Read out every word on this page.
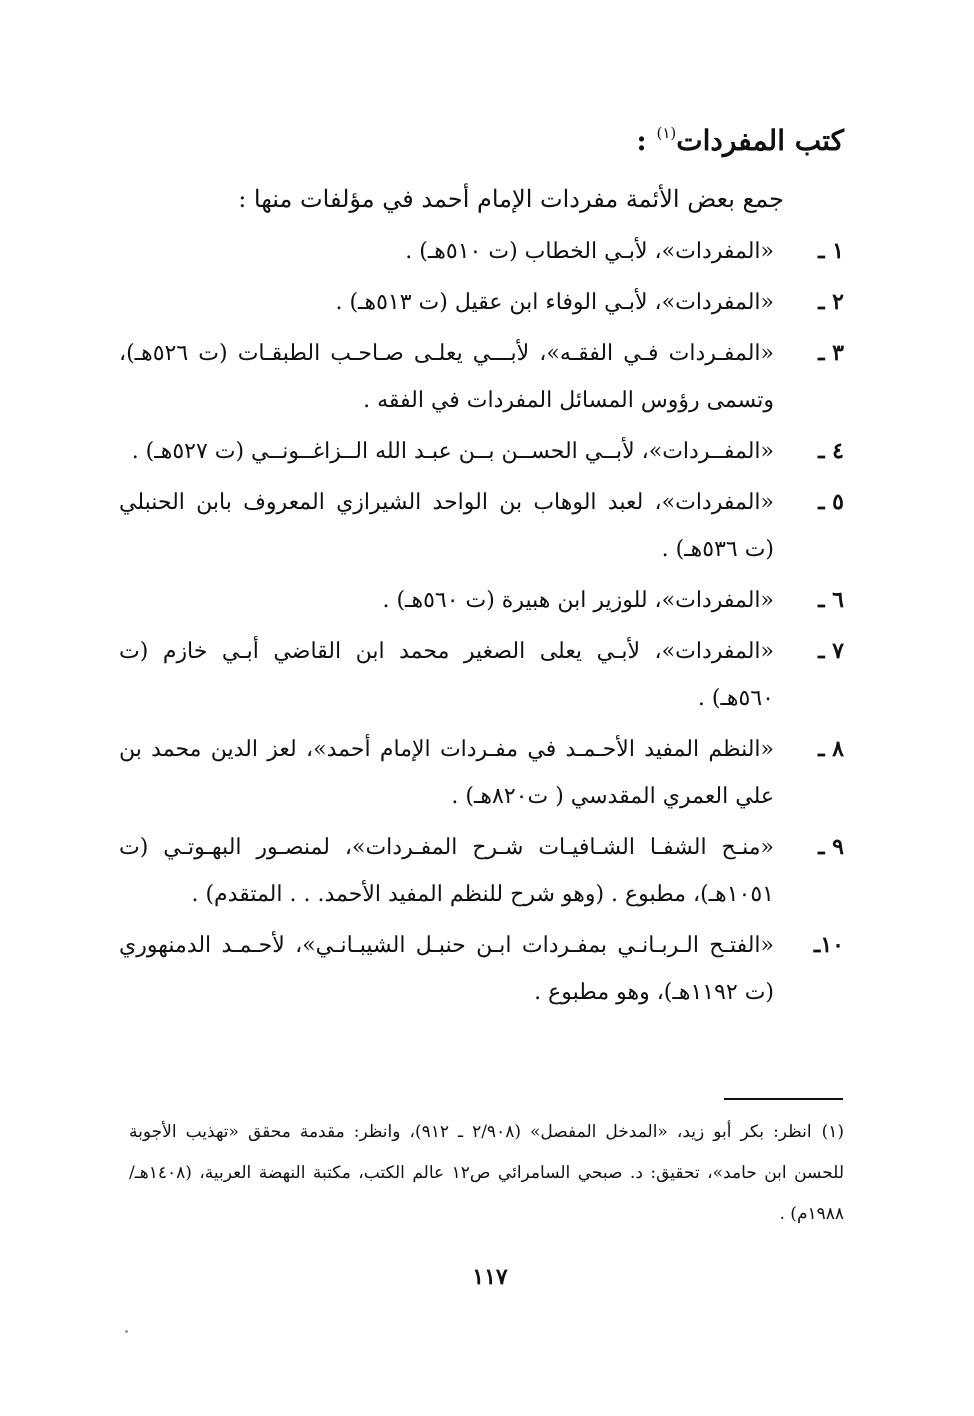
كتب المفردات$^{(١)}$ :
جمع بعض الأئمة مفردات الإمام أحمد في مؤلفات منها :
١ ـ
«المفردات»، لأبـي الخطاب (ت ٥١٠هـ) .
٢ ـ
«المفردات»، لأبـي الوفاء ابن عقيل (ت ٥١٣هـ) .
٣ ـ
«المفـردات فـي الفقـه»، لأبـــي يعلـى صـاحـب الطبقـات (ت ٥٢٦هـ)، وتسمى رؤوس المسائل المفردات في الفقه .
٤ ـ
«المفــردات»، لأبــي الحســن بــن عبـد الله الــزاغــونــي (ت ٥٢٧هـ) .
٥ ـ
«المفردات»، لعبد الوهاب بن الواحد الشيرازي المعروف بابن الحنبلي (ت ٥٣٦هـ) .
٦ ـ
«المفردات»، للوزير ابن هبيرة (ت ٥٦٠هـ) .
٧ ـ
«المفردات»، لأبـي يعلى الصغير محمد ابن القاضي أبـي خازم (ت ٥٦٠هـ) .
٨ ـ
«النظم المفيد الأحـمـد في مفـردات الإمام أحمد»، لعز الدين محمد بن علي العمري المقدسي ( ت٨٢٠هـ) .
٩ ـ
«منـح الشفـا الشـافيـات شـرح المفـردات»، لمنصـور البهـوتـي (ت ١٠٥١هـ)، مطبوع . (وهو شرح للنظم المفيد الأحمد. . . المتقدم) .
١٠ـ
«الفتـح الـربـانـي بمفـردات ابـن حنبـل الشيبـانـي»، لأحـمـد الدمنهوري (ت ١١٩٢هـ)، وهو مطبوع .
(١)انظر: بكر أبو زيد، «المدخل المفصل» (٢/٩٠٨ ـ ٩١٢)، وانظر: مقدمة محقق «تهذيب الأجوبة للحسن ابن حامد»، تحقيق: د. صبحي السامرائي ص١٢ عالم الكتب، مكتبة النهضة العربية، (١٤٠٨هـ/ ١٩٨٨م) .
١١٧
